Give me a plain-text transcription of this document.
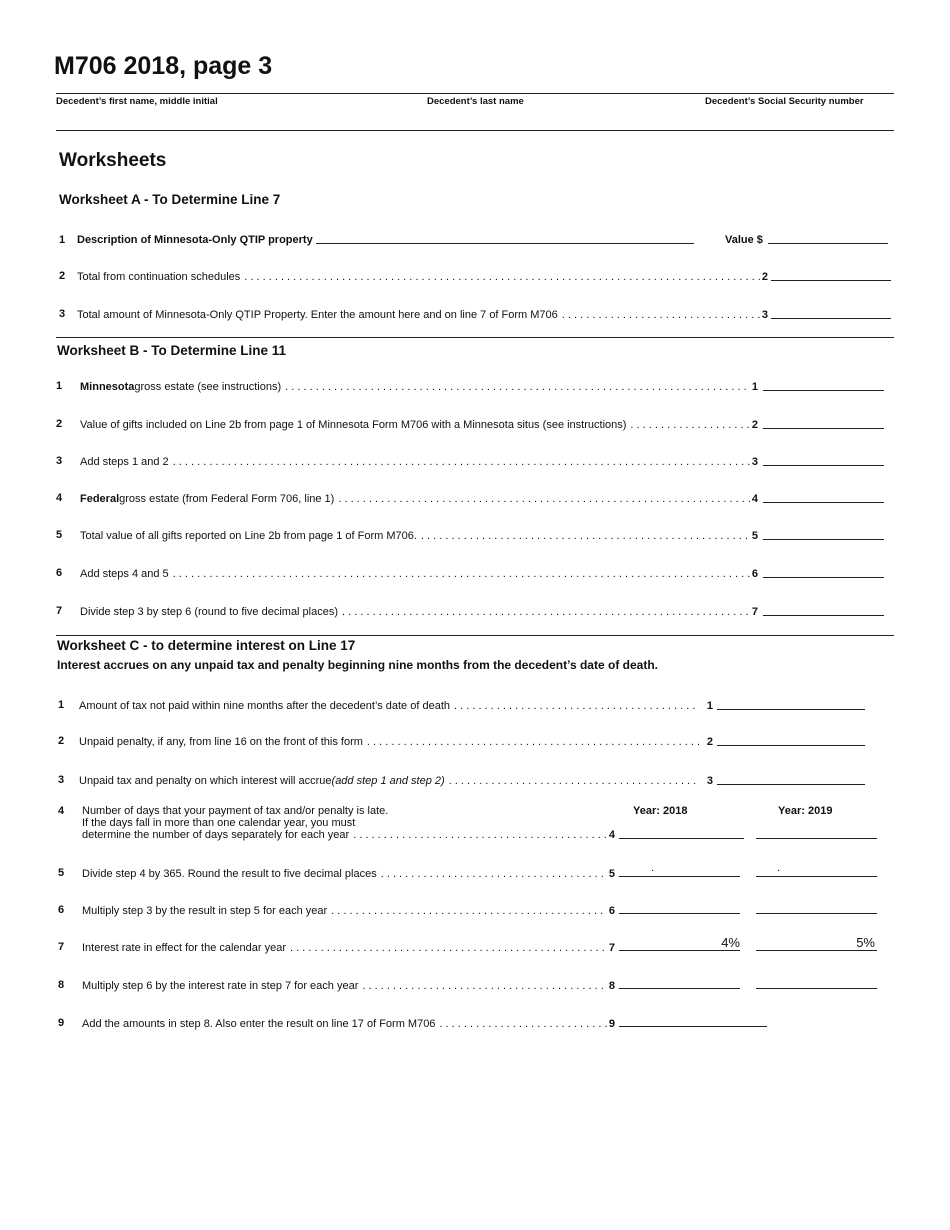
M706 2018, page 3
Decedent’s first name, middle initial	Decedent’s last name	Decedent’s Social Security number
Worksheets
Worksheet A - To Determine Line 7
1 Description of Minnesota-Only QTIP property	Value $
2 Total from continuation schedules . . .	2
3 Total amount of Minnesota-Only QTIP Property. Enter the amount here and on line 7 of Form M706 . . .	3
Worksheet B - To Determine Line 11
1 Minnesota gross estate (see instructions) . . .	1
2 Value of gifts included on Line 2b from page 1 of Minnesota Form M706 with a Minnesota situs (see instructions) . . .	2
3 Add steps 1 and 2 . . .	3
4 Federal gross estate (from Federal Form 706, line 1) . . .	4
5 Total value of all gifts reported on Line 2b from page 1 of Form M706. . . .	5
6 Add steps 4 and 5 . . .	6
7 Divide step 3 by step 6 (round to five decimal places) . . .	7
Worksheet C - to determine interest on Line 17
Interest accrues on any unpaid tax and penalty beginning nine months from the decedent’s date of death.
1 Amount of tax not paid within nine months after the decedent’s date of death . . .	1
2 Unpaid penalty, if any, from line 16 on the front of this form . . .	2
3 Unpaid tax and penalty on which interest will accrue (add step 1 and step 2) . . .	3
Year: 2018	Year: 2019
4 Number of days that your payment of tax and/or penalty is late.
If the days fall in more than one calendar year, you must
determine the number of days separately for each year . . .	4
5 Divide step 4 by 365. Round the result to five decimal places . . .	5	.	.
6 Multiply step 3 by the result in step 5 for each year . . .	6
7 Interest rate in effect for the calendar year . . .	7	4%	5%
8 Multiply step 6 by the interest rate in step 7 for each year . . .	8
9 Add the amounts in step 8. Also enter the result on line 17 of Form M706 . . .	9
